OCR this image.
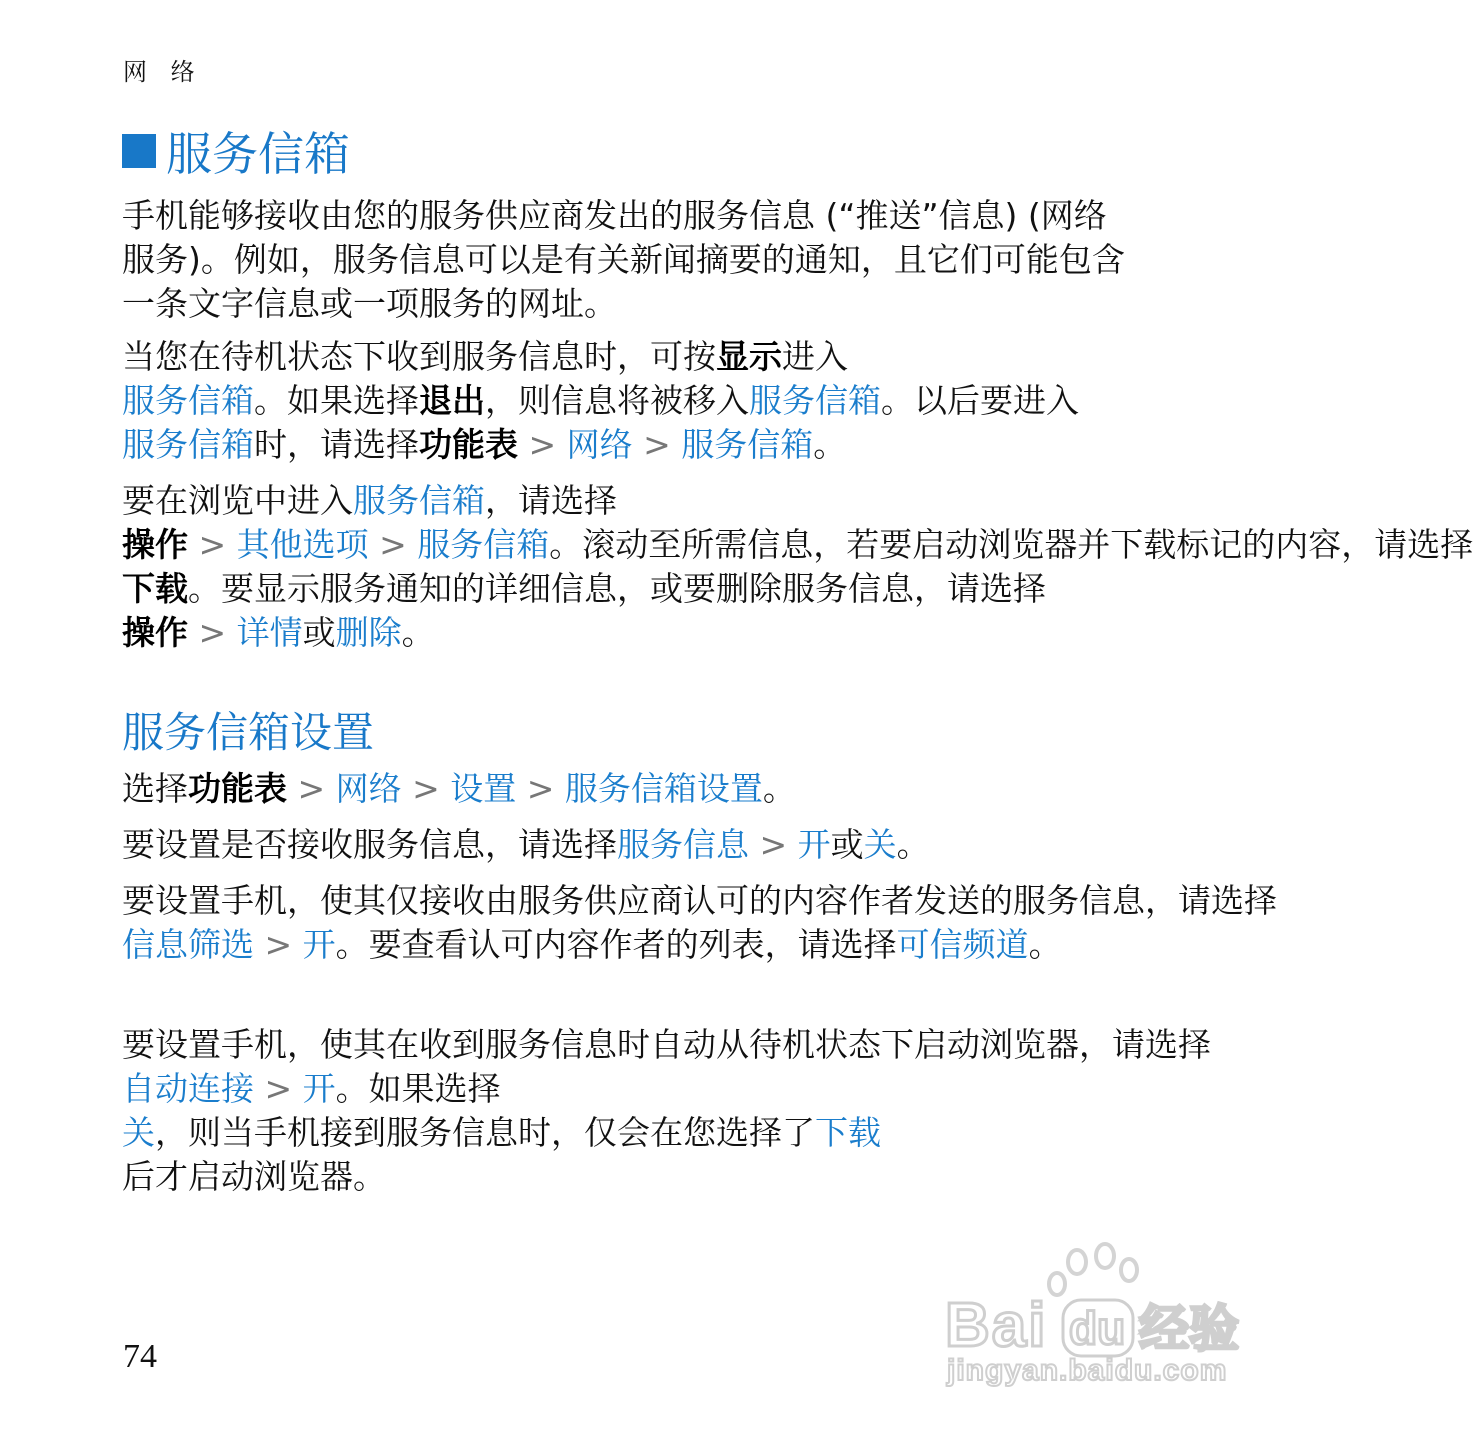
网 络
服务信箱
手机能够接收由您的服务供应商发出的服务信息 (“推送”信息) (网络服务)。例如，服务信息可以是有关新闻摘要的通知，且它们可能包含一条文字信息或一项服务的网址。
当您在待机状态下收到服务信息时，可按显示进入服务信箱。如果选择退出，则信息将被移入服务信箱。以后要进入服务信箱时，请选择功能表 > 网络 > 服务信箱。
要在浏览中进入服务信箱，请选择操作 > 其他选项 > 服务信箱。滚动至所需信息，若要启动浏览器并下载标记的内容，请选择下载。要显示服务通知的详细信息，或要删除服务信息，请选择操作 > 详情或删除。
服务信箱设置
选择功能表 > 网络 > 设置 > 服务信箱设置。
要设置是否接收服务信息，请选择服务信息 > 开或关。
要设置手机，使其仅接收由服务供应商认可的内容作者发送的服务信息，请选择信息筛选 > 开。要查看认可内容作者的列表，请选择可信频道。
要设置手机，使其在收到服务信息时自动从待机状态下启动浏览器，请选择自动连接 > 开。如果选择关，则当手机接到服务信息时，仅会在您选择了下载后才启动浏览器。
74	Bai du 经验
jingyan.baidu.com
